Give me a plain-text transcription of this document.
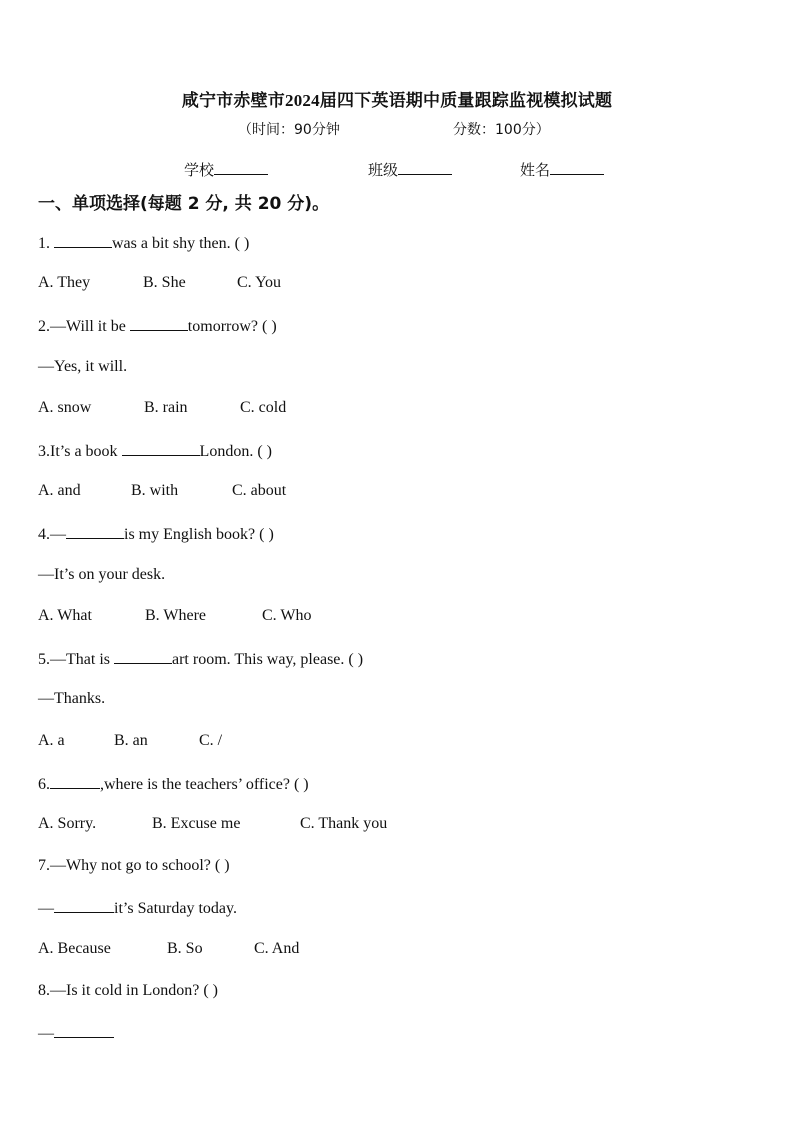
咸宁市赤壁市2024届四下英语期中质量跟踪监视模拟试题
（时间：90分钟	分数：100分）
学校	班级	姓名
一、单项选择(每题 2 分, 共 20 分)。
1.	was a bit shy then. ( )
A. They	B. She	C. You
2.—Will it be	tomorrow? ( )
—Yes, it will.
A. snow	B. rain	C. cold
3.It’s a book	London. ( )
A. and	B. with	C. about
4.—	is my English book? ( )
—It’s on your desk.
A. What	B. Where	C. Who
5.—That is	art room. This way, please. ( )
—Thanks.
A. a	B. an	C. /
6.	,where is the teachers’ office? ( )
A. Sorry.	B. Excuse me	C. Thank you
7.—Why not go to school? ( )
—	it’s Saturday today.
A. Because	B. So	C. And
8.—Is it cold in London? ( )
—
